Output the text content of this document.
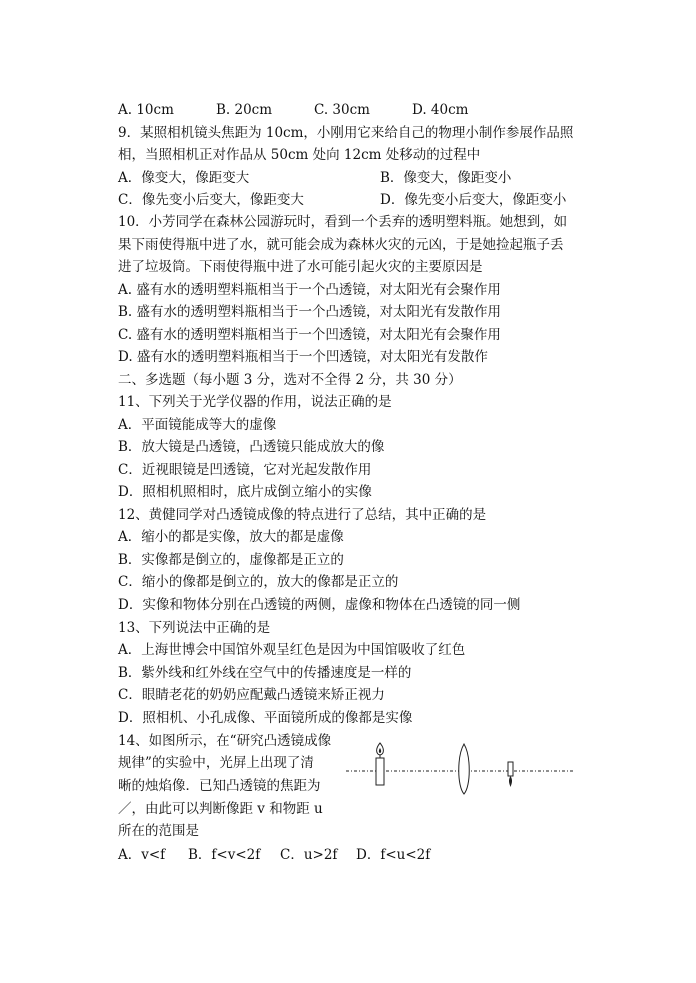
A. 10cm	B. 20cm	C. 30cm	D. 40cm
9．某照相机镜头焦距为 10cm，小刚用它来给自己的物理小制作参展作品照
相，当照相机正对作品从 50cm 处向 12cm 处移动的过程中
A．像变大，像距变大	B．像变大，像距变小
C．像先变小后变大，像距变大	D．像先变小后变大，像距变小
10．小芳同学在森林公园游玩时，看到一个丢弃的透明塑料瓶。她想到，如
果下雨使得瓶中进了水，就可能会成为森林火灾的元凶，于是她捡起瓶子丢
进了垃圾筒。下雨使得瓶中进了水可能引起火灾的主要原因是
A. 盛有水的透明塑料瓶相当于一个凸透镜，对太阳光有会聚作用
B. 盛有水的透明塑料瓶相当于一个凸透镜，对太阳光有发散作用
C. 盛有水的透明塑料瓶相当于一个凹透镜，对太阳光有会聚作用
D. 盛有水的透明塑料瓶相当于一个凹透镜，对太阳光有发散作
二、多选题（每小题 3 分，选对不全得 2 分，共 30 分）
11、下列关于光学仪器的作用，说法正确的是
A．平面镜能成等大的虚像
B．放大镜是凸透镜，凸透镜只能成放大的像
C．近视眼镜是凹透镜，它对光起发散作用
D．照相机照相时，底片成倒立缩小的实像
12、黄健同学对凸透镜成像的特点进行了总结，其中正确的是
A．缩小的都是实像，放大的都是虚像
B．实像都是倒立的，虚像都是正立的
C．缩小的像都是倒立的，放大的像都是正立的
D．实像和物体分别在凸透镜的两侧，虚像和物体在凸透镜的同一侧
13、下列说法中正确的是
A．上海世博会中国馆外观呈红色是因为中国馆吸收了红色
B．紫外线和红外线在空气中的传播速度是一样的
C．眼睛老花的奶奶应配戴凸透镜来矫正视力
D．照相机、小孔成像、平面镜所成的像都是实像
14、如图所示，在“研究凸透镜成像
规律”的实验中，光屏上出现了清
晰的烛焰像．已知凸透镜的焦距为
／，由此可以判断像距 v 和物距 u
所在的范围是
A．v<f B．f<v<2f C．u>2f D．f<u<2f
